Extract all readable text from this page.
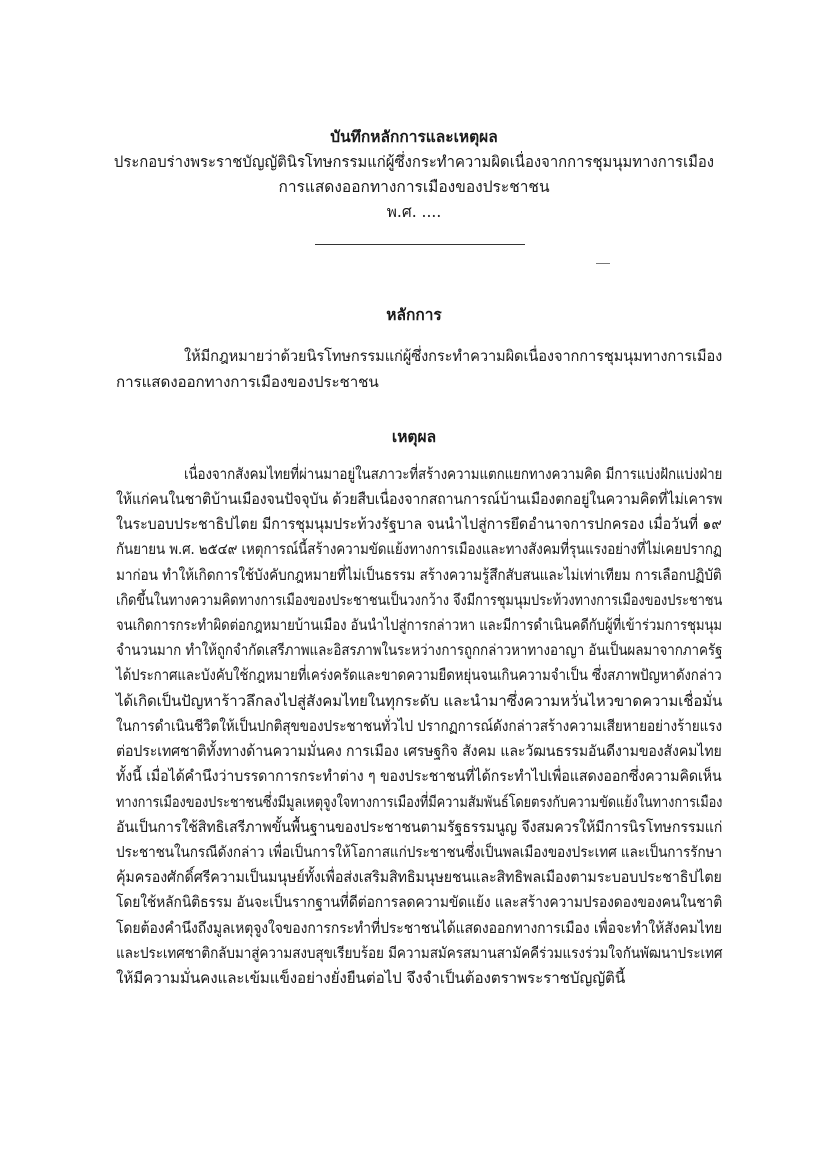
บันทึกหลักการและเหตุผล
ประกอบร่างพระราชบัญญัตินิรโทษกรรมแก่ผู้ซึ่งกระทำความผิดเนื่องจากการชุมนุมทางการเมือง
การแสดงออกทางการเมืองของประชาชน
พ.ศ. ....
หลักการ
ให้มีกฎหมายว่าด้วยนิรโทษกรรมแก่ผู้ซึ่งกระทำความผิดเนื่องจากการชุมนุมทางการเมือง
การแสดงออกทางการเมืองของประชาชน
เหตุผล
เนื่องจากสังคมไทยที่ผ่านมาอยู่ในสภาวะที่สร้างความแตกแยกทางความคิด มีการแบ่งฝักแบ่งฝ่าย
ให้แก่คนในชาติบ้านเมืองจนปัจจุบัน ด้วยสืบเนื่องจากสถานการณ์บ้านเมืองตกอยู่ในความคิดที่ไม่เคารพ
ในระบอบประชาธิปไตย มีการชุมนุมประท้วงรัฐบาล จนนำไปสู่การยึดอำนาจการปกครอง เมื่อวันที่ ๑๙
กันยายน พ.ศ. ๒๕๔๙ เหตุการณ์นี้สร้างความขัดแย้งทางการเมืองและทางสังคมที่รุนแรงอย่างที่ไม่เคยปรากฏ
มาก่อน ทำให้เกิดการใช้บังคับกฎหมายที่ไม่เป็นธรรม สร้างความรู้สึกสับสนและไม่เท่าเทียม การเลือกปฏิบัติ
เกิดขึ้นในทางความคิดทางการเมืองของประชาชนเป็นวงกว้าง จึงมีการชุมนุมประท้วงทางการเมืองของประชาชน
จนเกิดการกระทำผิดต่อกฎหมายบ้านเมือง อันนำไปสู่การกล่าวหา และมีการดำเนินคดีกับผู้ที่เข้าร่วมการชุมนุม
จำนวนมาก ทำให้ถูกจำกัดเสรีภาพและอิสรภาพในระหว่างการถูกกล่าวหาทางอาญา อันเป็นผลมาจากภาครัฐ
ได้ประกาศและบังคับใช้กฎหมายที่เคร่งครัดและขาดความยืดหยุ่นจนเกินความจำเป็น ซึ่งสภาพปัญหาดังกล่าว
ได้เกิดเป็นปัญหาร้าวลึกลงไปสู่สังคมไทยในทุกระดับ และนำมาซึ่งความหวั่นไหวขาดความเชื่อมั่น
ในการดำเนินชีวิตให้เป็นปกติสุขของประชาชนทั่วไป ปรากฏการณ์ดังกล่าวสร้างความเสียหายอย่างร้ายแรง
ต่อประเทศชาติทั้งทางด้านความมั่นคง การเมือง เศรษฐกิจ สังคม และวัฒนธรรมอันดีงามของสังคมไทย
ทั้งนี้ เมื่อได้คำนึงว่าบรรดาการกระทำต่าง ๆ ของประชาชนที่ได้กระทำไปเพื่อแสดงออกซึ่งความคิดเห็น
ทางการเมืองของประชาชนซึ่งมีมูลเหตุจูงใจทางการเมืองที่มีความสัมพันธ์โดยตรงกับความขัดแย้งในทางการเมือง
อันเป็นการใช้สิทธิเสรีภาพขั้นพื้นฐานของประชาชนตามรัฐธรรมนูญ จึงสมควรให้มีการนิรโทษกรรมแก่
ประชาชนในกรณีดังกล่าว เพื่อเป็นการให้โอกาสแก่ประชาชนซึ่งเป็นพลเมืองของประเทศ และเป็นการรักษา
คุ้มครองศักดิ์ศรีความเป็นมนุษย์ทั้งเพื่อส่งเสริมสิทธิมนุษยชนและสิทธิพลเมืองตามระบอบประชาธิปไตย
โดยใช้หลักนิติธรรม อันจะเป็นรากฐานที่ดีต่อการลดความขัดแย้ง และสร้างความปรองดองของคนในชาติ
โดยต้องคำนึงถึงมูลเหตุจูงใจของการกระทำที่ประชาชนได้แสดงออกทางการเมือง เพื่อจะทำให้สังคมไทย
และประเทศชาติกลับมาสู่ความสงบสุขเรียบร้อย มีความสมัครสมานสามัคคีร่วมแรงร่วมใจกันพัฒนาประเทศ
ให้มีความมั่นคงและเข้มแข็งอย่างยั่งยืนต่อไป จึงจำเป็นต้องตราพระราชบัญญัตินี้
